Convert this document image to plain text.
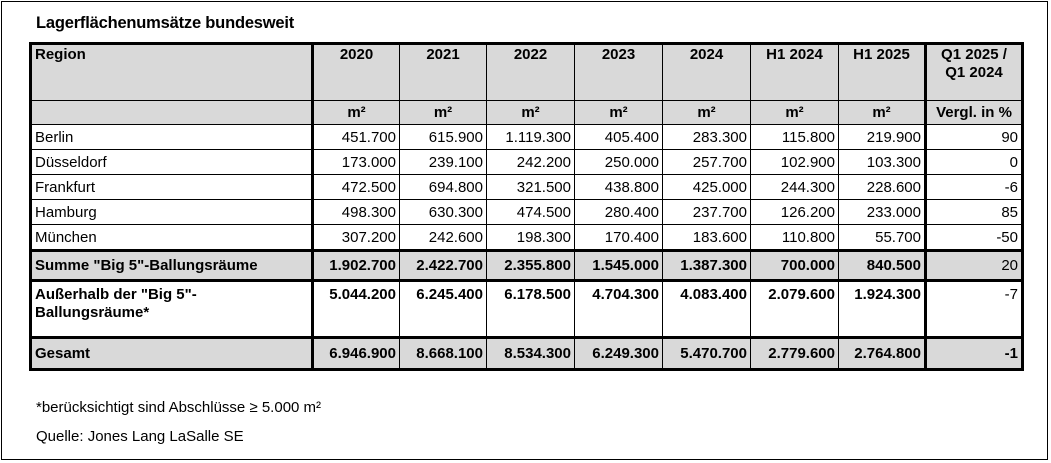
Lagerflächenumsätze bundesweit
Region	2020	2021	2022	2023	2024	H1 2024	H1 2025	Q1 2025 / Q1 2024
	m²	m²	m²	m²	m²	m²	m²	Vergl. in %
Berlin	451.700	615.900	1.119.300	405.400	283.300	115.800	219.900	90
Düsseldorf	173.000	239.100	242.200	250.000	257.700	102.900	103.300	0
Frankfurt	472.500	694.800	321.500	438.800	425.000	244.300	228.600	-6
Hamburg	498.300	630.300	474.500	280.400	237.700	126.200	233.000	85
München	307.200	242.600	198.300	170.400	183.600	110.800	55.700	-50
Summe "Big 5"-Ballungsräume	1.902.700	2.422.700	2.355.800	1.545.000	1.387.300	700.000	840.500	20
Außerhalb der "Big 5"-Ballungsräume*	5.044.200	6.245.400	6.178.500	4.704.300	4.083.400	2.079.600	1.924.300	-7
Gesamt	6.946.900	8.668.100	8.534.300	6.249.300	5.470.700	2.779.600	2.764.800	-1
*berücksichtigt sind Abschlüsse ≥ 5.000 m²
Quelle: Jones Lang LaSalle SE
